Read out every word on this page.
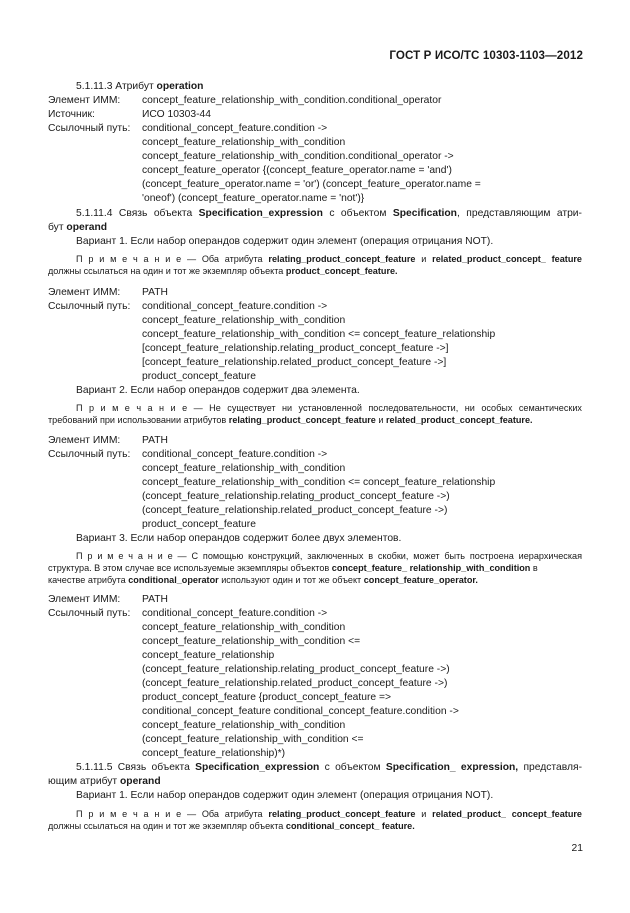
ГОСТ Р ИСО/ТС 10303-1103—2012
5.1.11.3 Атрибут operation
Элемент ИММ: concept_feature_relationship_with_condition.conditional_operator
Источник:	ИСО 10303-44
Ссылочный путь: conditional_concept_feature.condition ->
concept_feature_relationship_with_condition
concept_feature_relationship_with_condition.conditional_operator ->
concept_feature_operator {(concept_feature_operator.name = 'and')
(concept_feature_operator.name = 'or') (concept_feature_operator.name =
'oneof') (concept_feature_operator.name = 'not')}
5.1.11.4 Связь объекта Specification_expression с объектом Specification, представляющим атри-
бут operand
Вариант 1. Если набор операндов содержит один элемент (операция отрицания NOT).
П р и м е ч а н и е — Оба атрибута relating_product_concept_feature и related_product_concept_ feature
должны ссылаться на один и тот же экземпляр объекта product_concept_feature.
Элемент ИММ: PATH
Ссылочный путь: conditional_concept_feature.condition ->
concept_feature_relationship_with_condition
concept_feature_relationship_with_condition <= concept_feature_relationship
[concept_feature_relationship.relating_product_concept_feature ->]
[concept_feature_relationship.related_product_concept_feature ->]
product_concept_feature
Вариант 2. Если набор операндов содержит два элемента.
П р и м е ч а н и е — Не существует ни установленной последовательности, ни особых семантических
требований при использовании атрибутов relating_product_concept_feature и related_product_concept_feature.
Элемент ИММ: PATH
Ссылочный путь: conditional_concept_feature.condition ->
concept_feature_relationship_with_condition
concept_feature_relationship_with_condition <= concept_feature_relationship
(concept_feature_relationship.relating_product_concept_feature ->)
(concept_feature_relationship.related_product_concept_feature ->)
product_concept_feature
Вариант 3. Если набор операндов содержит более двух элементов.
П р и м е ч а н и е — С помощью конструкций, заключенных в скобки, может быть построена иерархическая
структура. В этом случае все используемые экземпляры объектов concept_feature_ relationship_with_condition в
качестве атрибута conditional_operator используют один и тот же объект concept_feature_operator.
Элемент ИММ: PATH
Ссылочный путь: conditional_concept_feature.condition ->
concept_feature_relationship_with_condition
concept_feature_relationship_with_condition <=
concept_feature_relationship
(concept_feature_relationship.relating_product_concept_feature ->)
(concept_feature_relationship.related_product_concept_feature ->)
product_concept_feature {product_concept_feature =>
conditional_concept_feature conditional_concept_feature.condition ->
concept_feature_relationship_with_condition
(concept_feature_relationship_with_condition <=
concept_feature_relationship)*)
5.1.11.5 Связь объекта Specification_expression с объектом Specification_ expression, представля-
ющим атрибут operand
Вариант 1. Если набор операндов содержит один элемент (операция отрицания NOT).
П р и м е ч а н и е — Оба атрибута relating_product_concept_feature и related_product_ concept_feature
должны ссылаться на один и тот же экземпляр объекта conditional_concept_ feature.
21
